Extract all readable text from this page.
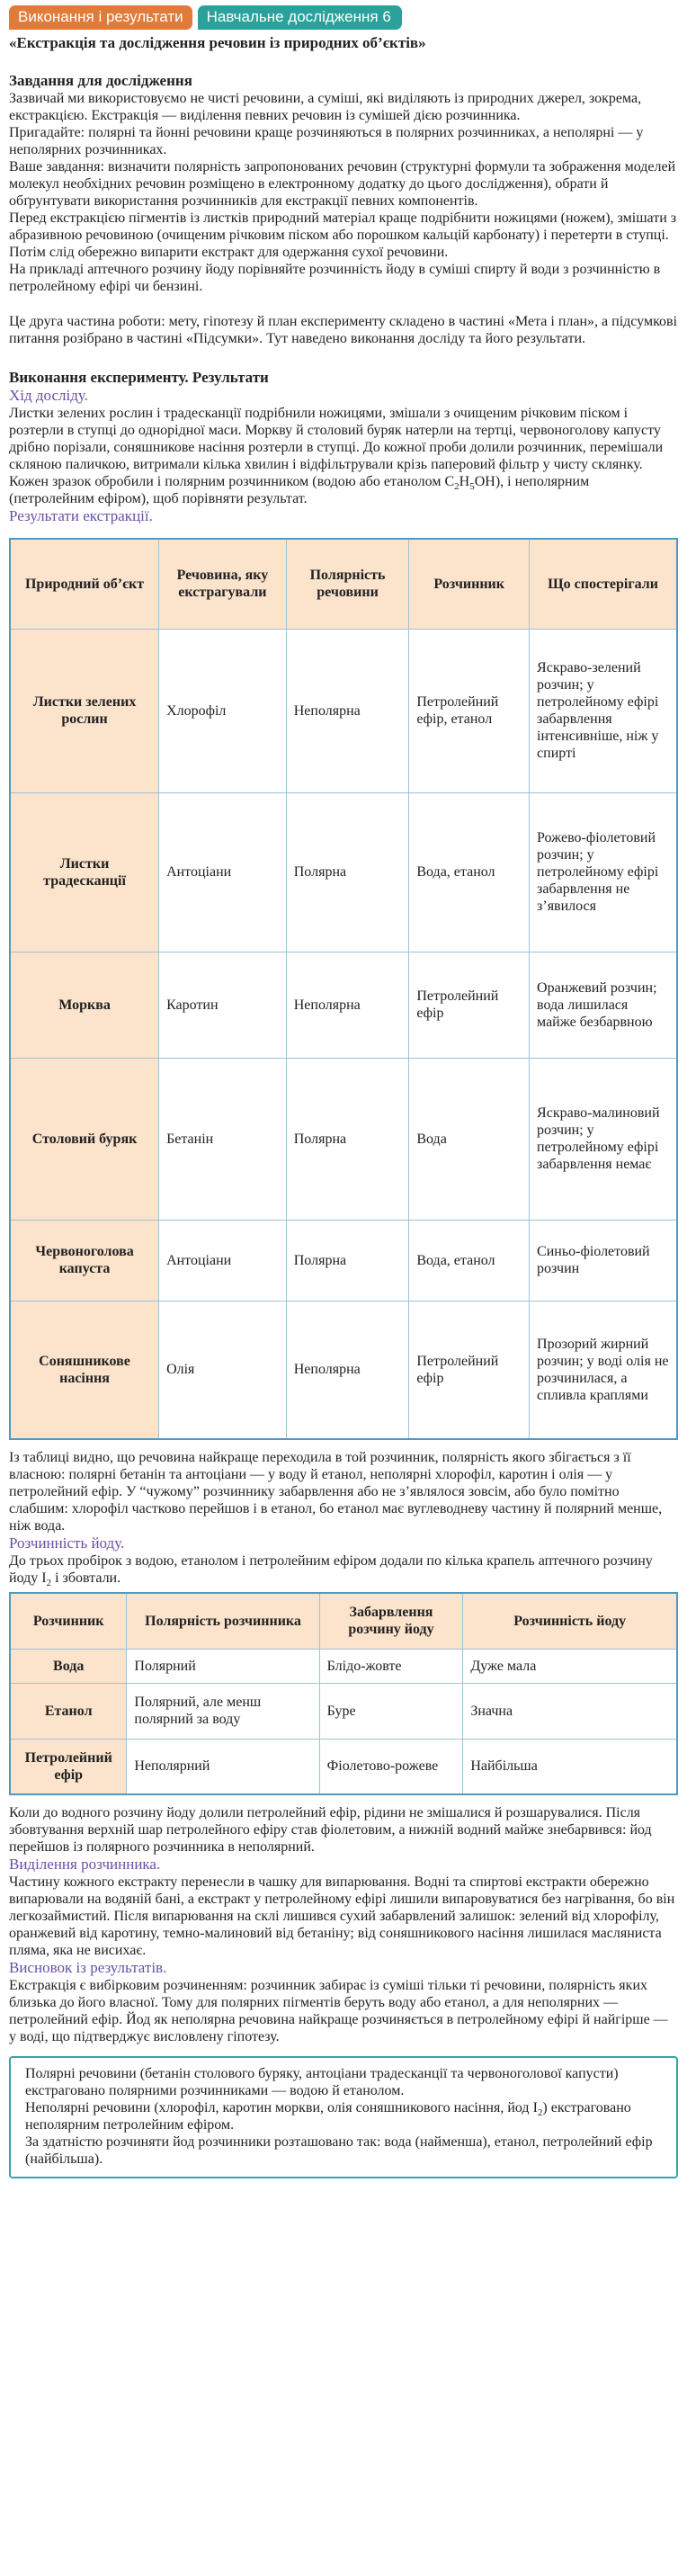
Виконання і результати	Навчальне дослідження 6
«Екстракція та дослідження речовин із природних об’єктів»
Завдання для дослідження

Зазвичай ми використовуємо не чисті речовини, а суміші, які виділяють із природних джерел, зокрема, екстракцією. Екстракція — виділення певних речовин із сумішей дією розчинника.

Пригадайте: полярні та йонні речовини краще розчиняються в полярних розчинниках, а неполярні — у неполярних розчинниках.

Ваше завдання: визначити полярність запропонованих речовин (структурні формули та зображення моделей молекул необхідних речовин розміщено в електронному додатку до цього дослідження), обрати й обґрунтувати використання розчинників для екстракції певних компонентів.

Перед екстракцією пігментів із листків природний матеріал краще подрібнити ножицями (ножем), змішати з абразивною речовиною (очищеним річковим піском або порошком кальцій карбонату) і перетерти в ступці. Потім слід обережно випарити екстракт для одержання сухої речовини.

На прикладі аптечного розчину йоду порівняйте розчинність йоду в суміші спирту й води з розчинністю в петролейному ефірі чи бензині.

Це друга частина роботи: мету, гіпотезу й план експерименту складено в частині «Мета і план», а підсумкові питання розібрано в частині «Підсумки». Тут наведено виконання досліду та його результати.

Виконання експерименту. Результати

Хід досліду.

Листки зелених рослин і традесканції подрібнили ножицями, змішали з очищеним річковим піском і розтерли в ступці до однорідної маси. Моркву й столовий буряк натерли на тертці, червоноголову капусту дрібно порізали, соняшникове насіння розтерли в ступці. До кожної проби долили розчинник, перемішали скляною паличкою, витримали кілька хвилин і відфільтрували крізь паперовий фільтр у чисту склянку. Кожен зразок обробили і полярним розчинником (водою або етанолом $C_2H_5OH$), і неполярним (петролейним ефіром), щоб порівняти результат.

Результати екстракції.

Природний об’єкт	Речовина, яку екстрагували	Полярність речовини	Розчинник	Що спостерігали
Листки зелених рослин	Хлорофіл	Неполярна	Петролейний ефір, етанол	Яскраво-зелений розчин; у петролейному ефірі забарвлення інтенсивніше, ніж у спирті
Листки традесканції	Антоціани	Полярна	Вода, етанол	Рожево-фіолетовий розчин; у петролейному ефірі забарвлення не з’явилося
Морква	Каротин	Неполярна	Петролейний ефір	Оранжевий розчин; вода лишилася майже безбарвною
Столовий буряк	Бетанін	Полярна	Вода	Яскраво-малиновий розчин; у петролейному ефірі забарвлення немає
Червоноголова капуста	Антоціани	Полярна	Вода, етанол	Синьо-фіолетовий розчин
Соняшникове насіння	Олія	Неполярна	Петролейний ефір	Прозорий жирний розчин; у воді олія не розчинилася, а спливла краплями

Із таблиці видно, що речовина найкраще переходила в той розчинник, полярність якого збігається з її власною: полярні бетанін та антоціани — у воду й етанол, неполярні хлорофіл, каротин і олія — у петролейний ефір. У “чужому” розчиннику забарвлення або не з’являлося зовсім, або було помітно слабшим: хлорофіл частково перейшов і в етанол, бо етанол має вуглеводневу частину й полярний менше, ніж вода.

Розчинність йоду.

До трьох пробірок з водою, етанолом і петролейним ефіром додали по кілька крапель аптечного розчину йоду $I_2$ і збовтали.

Розчинник	Полярність розчинника	Забарвлення розчину йоду	Розчинність йоду
Вода	Полярний	Блідо-жовте	Дуже мала
Етанол	Полярний, але менш полярний за воду	Буре	Значна
Петролейний ефір	Неполярний	Фіолетово-рожеве	Найбільша

Коли до водного розчину йоду долили петролейний ефір, рідини не змішалися й розшарувалися. Після збовтування верхній шар петролейного ефіру став фіолетовим, а нижній водний майже знебарвився: йод перейшов із полярного розчинника в неполярний.

Виділення розчинника.

Частину кожного екстракту перенесли в чашку для випарювання. Водні та спиртові екстракти обережно випарювали на водяній бані, а екстракт у петролейному ефірі лишили випаровуватися без нагрівання, бо він легкозаймистий. Після випарювання на склі лишився сухий забарвлений залишок: зелений від хлорофілу, оранжевий від каротину, темно-малиновий від бетаніну; від соняшникового насіння лишилася масляниста пляма, яка не висихає.

Висновок із результатів.

Екстракція є вибірковим розчиненням: розчинник забирає із суміші тільки ті речовини, полярність яких близька до його власної. Тому для полярних пігментів беруть воду або етанол, а для неполярних — петролейний ефір. Йод як неполярна речовина найкраще розчиняється в петролейному ефірі й найгірше — у воді, що підтверджує висловлену гіпотезу.

Полярні речовини (бетанін столового буряку, антоціани традесканції та червоноголової капусти) екстраговано полярними розчинниками — водою й етанолом.

Неполярні речовини (хлорофіл, каротин моркви, олія соняшникового насіння, йод $I_2$) екстраговано неполярним петролейним ефіром.

За здатністю розчиняти йод розчинники розташовано так: вода (найменша), етанол, петролейний ефір (найбільша).
